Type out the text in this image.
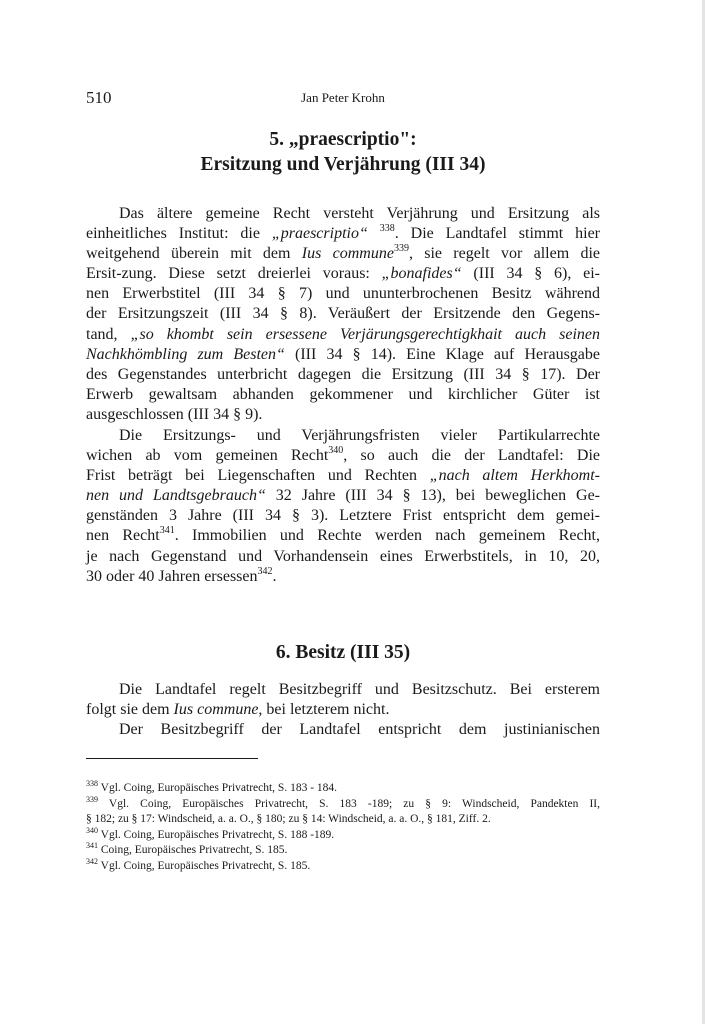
510	Jan Peter Krohn
5. „praescriptio":
Ersitzung und Verjährung (III 34)
Das ältere gemeine Recht versteht Verjährung und Ersitzung als
einheitliches Institut: die „praescriptio“ $^{338}$. Die Landtafel stimmt hier
weitgehend überein mit dem Ius commune$^{339}$, sie regelt vor allem die
Ersit-zung. Diese setzt dreierlei voraus: „bonafides“ (III 34 § 6), ei-
nen Erwerbstitel (III 34 § 7) und ununterbrochenen Besitz während
der Ersitzungszeit (III 34 § 8). Veräußert der Ersitzende den Gegens-
tand, „so khombt sein ersessene Verjärungsgerechtigkhait auch seinen
Nachkhömbling zum Besten“ (III 34 § 14). Eine Klage auf Herausgabe
des Gegenstandes unterbricht dagegen die Ersitzung (III 34 § 17). Der
Erwerb gewaltsam abhanden gekommener und kirchlicher Güter ist
ausgeschlossen (III 34 § 9).
Die Ersitzungs- und Verjährungsfristen vieler Partikularrechte
wichen ab vom gemeinen Recht$^{340}$, so auch die der Landtafel: Die
Frist beträgt bei Liegenschaften und Rechten „nach altem Herkhomt-
nen und Landtsgebrauch“ 32 Jahre (III 34 § 13), bei beweglichen Ge-
genständen 3 Jahre (III 34 § 3). Letztere Frist entspricht dem gemei-
nen Recht$^{341}$. Immobilien und Rechte werden nach gemeinem Recht,
je nach Gegenstand und Vorhandensein eines Erwerbstitels, in 10, 20,
30 oder 40 Jahren ersessen$^{342}$.
6. Besitz (III 35)
Die Landtafel regelt Besitzbegriff und Besitzschutz. Bei ersterem
folgt sie dem Ius commune, bei letzterem nicht.
Der Besitzbegriff der Landtafel entspricht dem justinianischen
$^{338}$ Vgl. Coing, Europäisches Privatrecht, S. 183 - 184.
$^{339}$ Vgl. Coing, Europäisches Privatrecht, S. 183 -189; zu § 9: Windscheid, Pandekten II,
§ 182; zu § 17: Windscheid, a. a. O., § 180; zu § 14: Windscheid, a. a. O., § 181, Ziff. 2.
$^{340}$ Vgl. Coing, Europäisches Privatrecht, S. 188 -189.
$^{341}$ Coing, Europäisches Privatrecht, S. 185.
$^{342}$ Vgl. Coing, Europäisches Privatrecht, S. 185.
